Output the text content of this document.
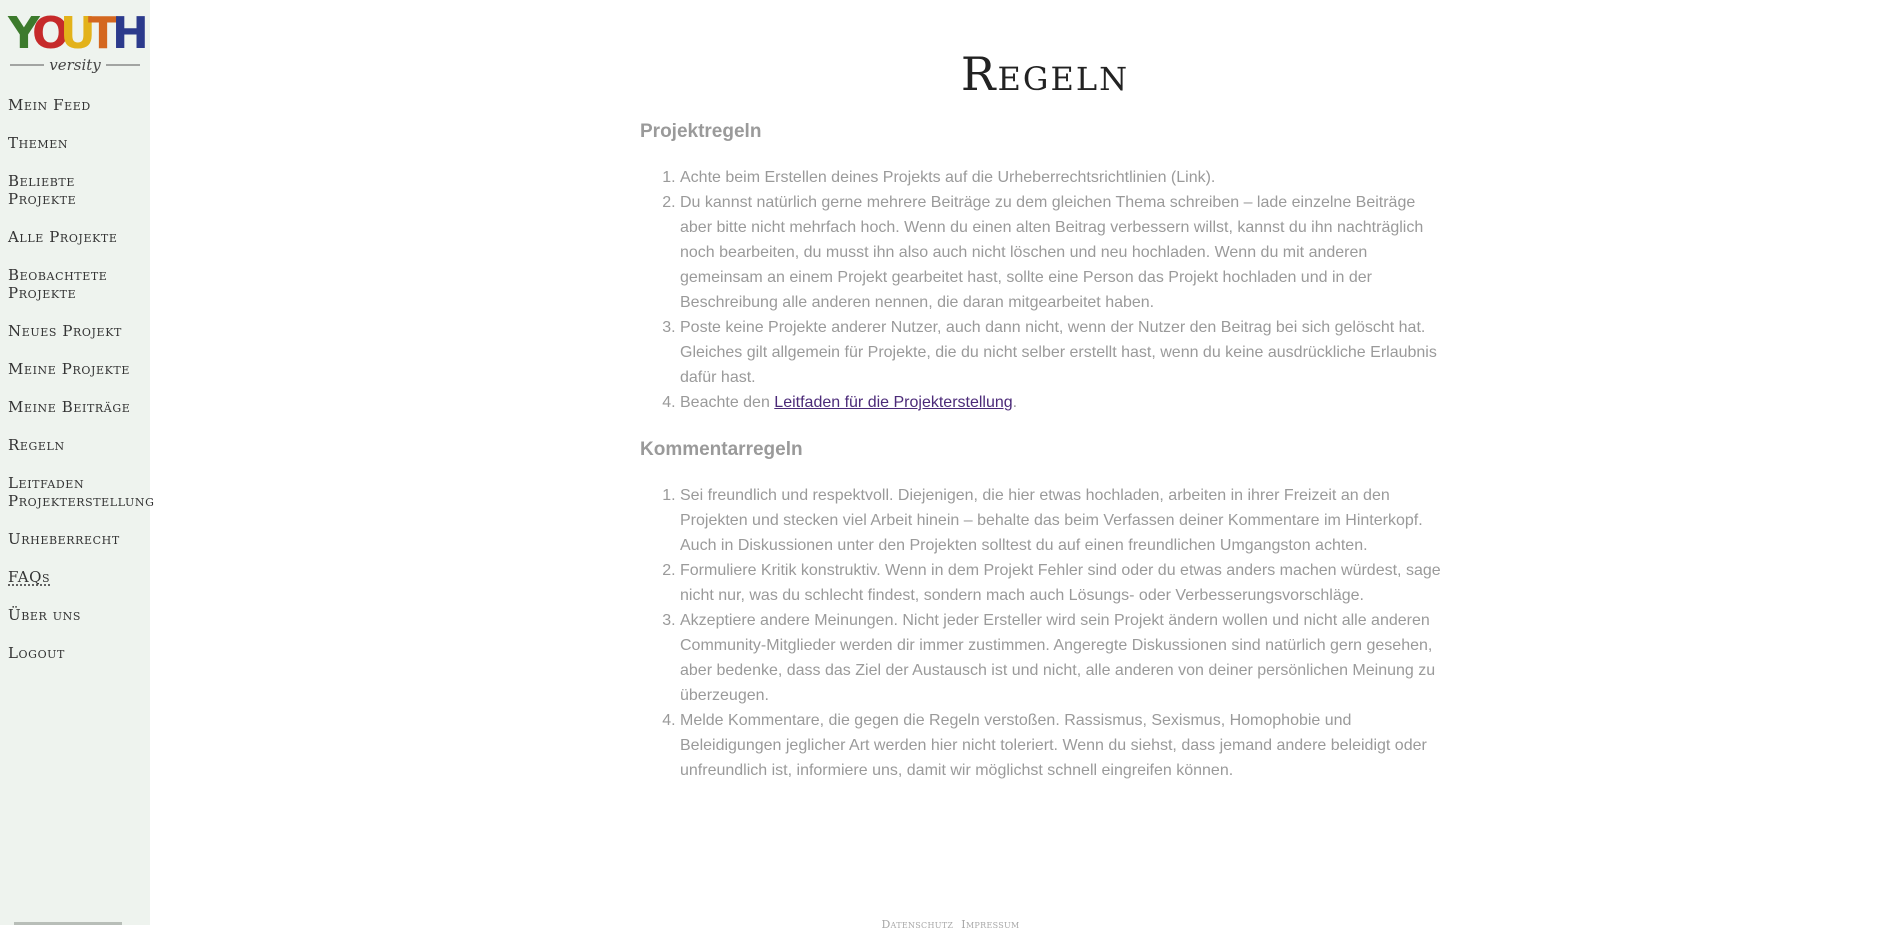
Y
O
U
T
H
versity
Mein Feed
Themen
Beliebte Projekte
Alle Projekte
Beobachtete Projekte
Neues Projekt
Meine Projekte
Meine Beiträge
Regeln
Leitfaden Projekterstellung
Urheberrecht
FAQs
Über uns
Logout
Regeln
Projektregeln
1. Achte beim Erstellen deines Projekts auf die Urheberrechtsrichtlinien (Link).
2. Du kannst natürlich gerne mehrere Beiträge zu dem gleichen Thema schreiben – lade einzelne Beiträge aber bitte nicht mehrfach hoch. Wenn du einen alten Beitrag verbessern willst, kannst du ihn nachträglich noch bearbeiten, du musst ihn also auch nicht löschen und neu hochladen. Wenn du mit anderen gemeinsam an einem Projekt gearbeitet hast, sollte eine Person das Projekt hochladen und in der Beschreibung alle anderen nennen, die daran mitgearbeitet haben.
3. Poste keine Projekte anderer Nutzer, auch dann nicht, wenn der Nutzer den Beitrag bei sich gelöscht hat. Gleiches gilt allgemein für Projekte, die du nicht selber erstellt hast, wenn du keine ausdrückliche Erlaubnis dafür hast.
4. Beachte den Leitfaden für die Projekterstellung.
Kommentarregeln
1. Sei freundlich und respektvoll. Diejenigen, die hier etwas hochladen, arbeiten in ihrer Freizeit an den Projekten und stecken viel Arbeit hinein – behalte das beim Verfassen deiner Kommentare im Hinterkopf. Auch in Diskussionen unter den Projekten solltest du auf einen freundlichen Umgangston achten.
2. Formuliere Kritik konstruktiv. Wenn in dem Projekt Fehler sind oder du etwas anders machen würdest, sage nicht nur, was du schlecht findest, sondern mach auch Lösungs- oder Verbesserungsvorschläge.
3. Akzeptiere andere Meinungen. Nicht jeder Ersteller wird sein Projekt ändern wollen und nicht alle anderen Community-Mitglieder werden dir immer zustimmen. Angeregte Diskussionen sind natürlich gern gesehen, aber bedenke, dass das Ziel der Austausch ist und nicht, alle anderen von deiner persönlichen Meinung zu überzeugen.
4. Melde Kommentare, die gegen die Regeln verstoßen. Rassismus, Sexismus, Homophobie und Beleidigungen jeglicher Art werden hier nicht toleriert. Wenn du siehst, dass jemand andere beleidigt oder unfreundlich ist, informiere uns, damit wir möglichst schnell eingreifen können.
Datenschutz Impressum
